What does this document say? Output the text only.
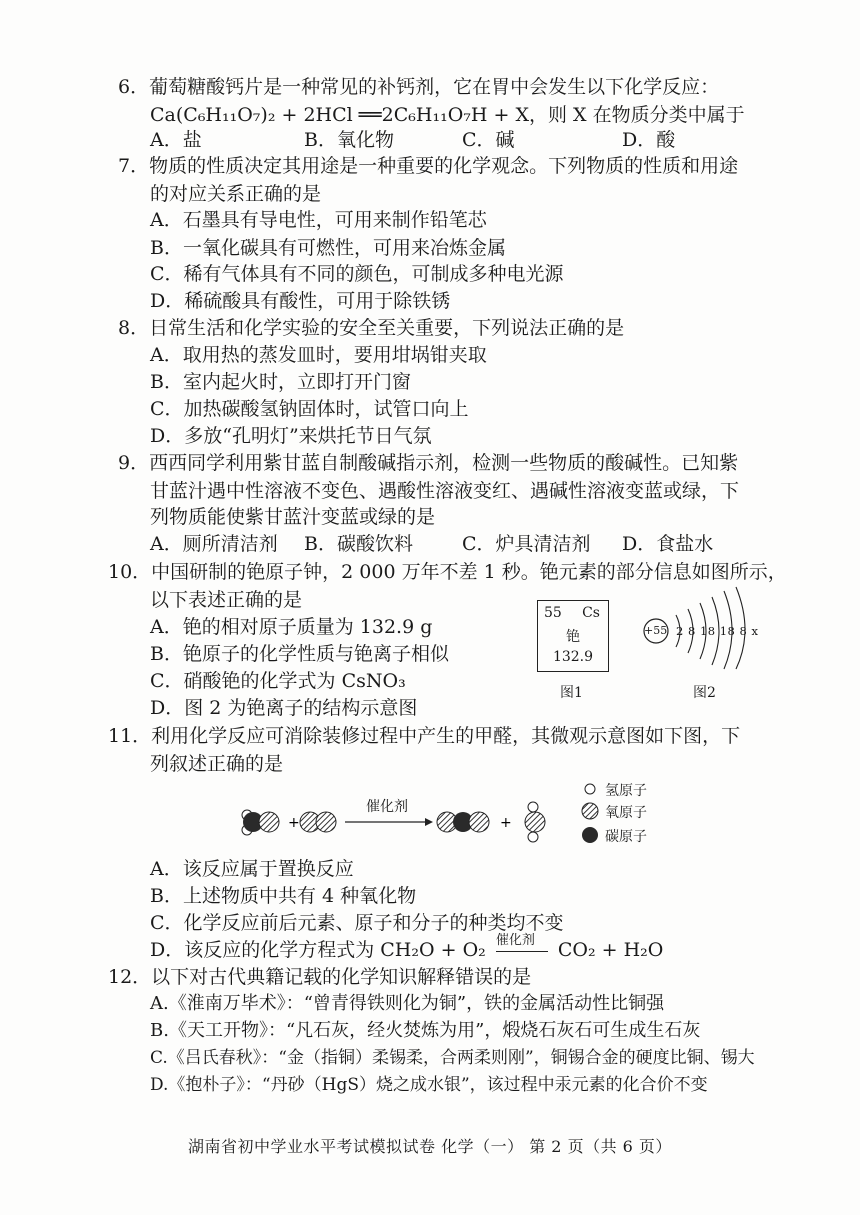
6．葡萄糖酸钙片是一种常见的补钙剂，它在胃中会发生以下化学反应：
Ca(C₆H₁₁O₇)₂ + 2HCl ══2C₆H₁₁O₇H + X，则 X 在物质分类中属于
A．盐	B．氧化物	C．碱	D．酸
7．物质的性质决定其用途是一种重要的化学观念。下列物质的性质和用途
的对应关系正确的是
A．石墨具有导电性，可用来制作铅笔芯
B．一氧化碳具有可燃性，可用来冶炼金属
C．稀有气体具有不同的颜色，可制成多种电光源
D．稀硫酸具有酸性，可用于除铁锈
8．日常生活和化学实验的安全至关重要，下列说法正确的是
A．取用热的蒸发皿时，要用坩埚钳夹取
B．室内起火时，立即打开门窗
C．加热碳酸氢钠固体时，试管口向上
D．多放“孔明灯”来烘托节日气氛
9．西西同学利用紫甘蓝自制酸碱指示剂，检测一些物质的酸碱性。已知紫
甘蓝汁遇中性溶液不变色、遇酸性溶液变红、遇碱性溶液变蓝或绿，下
列物质能使紫甘蓝汁变蓝或绿的是
A．厕所清洁剂 B．碳酸饮料	C．炉具清洁剂 D．食盐水
10．中国研制的铯原子钟，2 000 万年不差 1 秒。铯元素的部分信息如图所示，
以下表述正确的是
A．铯的相对原子质量为 132.9 g
B．铯原子的化学性质与铯离子相似
C．硝酸铯的化学式为 CsNO₃
D．图 2 为铯离子的结构示意图
55 Cs
铯
132.9
图1
+55 2 8 18 18 8 x
图2
11．利用化学反应可消除装修过程中产生的甲醛，其微观示意图如下图，下
列叙述正确的是
+	+
催化剂
氢原子
氧原子
碳原子
A．该反应属于置换反应
B．上述物质中共有 4 种氧化物
C．化学反应前后元素、原子和分子的种类均不变
D．该反应的化学方程式为 CH₂O + O₂ 催化剂 CO₂ + H₂O
12．以下对古代典籍记载的化学知识解释错误的是
A.《淮南万毕术》：“曾青得铁则化为铜”，铁的金属活动性比铜强
B.《天工开物》：“凡石灰，经火焚炼为用”，煅烧石灰石可生成生石灰
C.《吕氏春秋》：“金（指铜）柔锡柔，合两柔则刚”，铜锡合金的硬度比铜、锡大
D.《抱朴子》：“丹砂（HgS）烧之成水银”，该过程中汞元素的化合价不变
湖南省初中学业水平考试模拟试卷 化学（一） 第 2 页（共 6 页）
